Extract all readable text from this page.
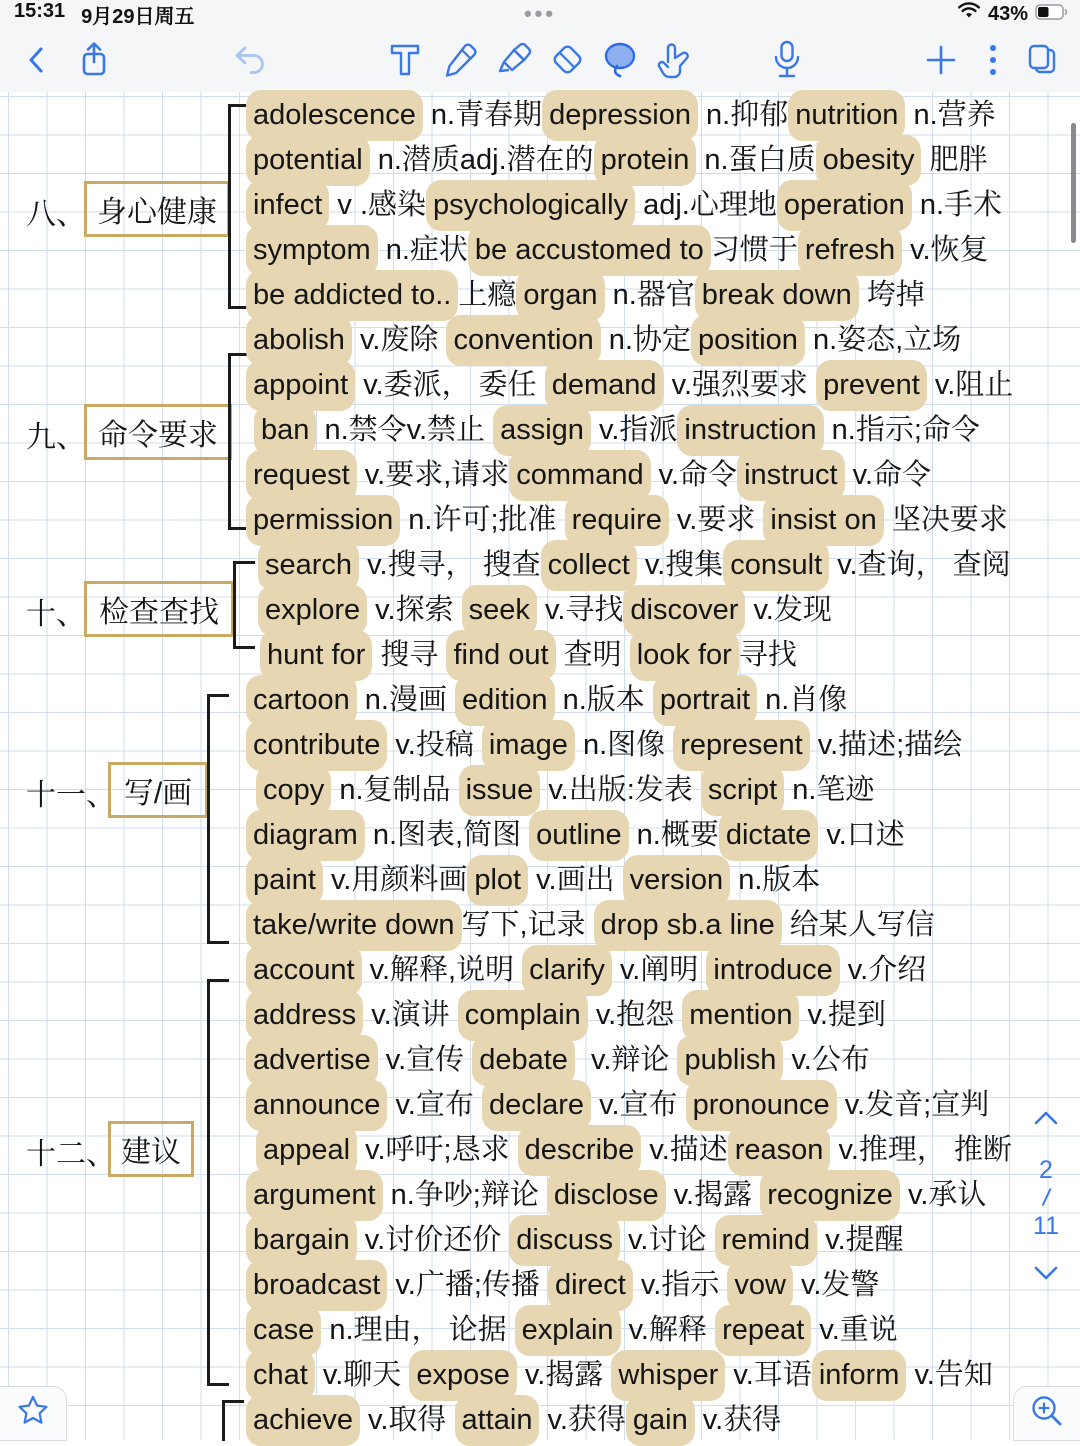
15:31 9月29日周五	•••	43%
八、 身心健康
adolescence n.青春期 depression n.抑郁 nutrition n.营养
potential n.潜质adj.潜在的 protein n.蛋白质 obesity 肥胖
infect v .感染 psychologically adj.心理地 operation n.手术
symptom n.症状 be accustomed to 习惯于 refresh v.恢复
be addicted to.. 上瘾 organ n.器官 break down 垮掉
九、 命令要求
abolish v.废除 convention n.协定 position n.姿态,立场
appoint v.委派， 委任 demand v.强烈要求 prevent v.阻止
ban n.禁令v.禁止 assign v.指派 instruction n.指示;命令
request v.要求,请求 command v.命令 instruct v.命令
permission n.许可;批准 require v.要求 insist on 坚决要求
十、 检查查找
search v.搜寻， 搜查 collect v.搜集 consult v.查询， 查阅
explore v.探索 seek v.寻找 discover v.发现
hunt for 搜寻 find out 查明 look for 寻找
十一、 写/画
cartoon n.漫画 edition n.版本 portrait n.肖像
contribute v.投稿 image n.图像 represent v.描述;描绘
copy n.复制品 issue v.出版:发表 script n.笔迹
diagram n.图表,简图 outline n.概要 dictate v.口述
paint v.用颜料画 plot v.画出 version n.版本
take/write down 写下,记录 drop sb.a line 给某人写信
十二、 建议
account v.解释,说明 clarify v.阐明 introduce v.介绍
address v.演讲 complain v.抱怨 mention v.提到
advertise v.宣传 debate v.辩论 publish v.公布
announce v.宣布 declare v.宣布 pronounce v.发音;宣判
appeal v.呼吁;恳求 describe v.描述 reason v.推理， 推断
argument n.争吵;辩论 disclose v.揭露 recognize v.承认
bargain v.讨价还价 discuss v.讨论 remind v.提醒
broadcast v.广播;传播 direct v.指示 vow v.发警
case n.理由， 论据 explain v.解释 repeat v.重说
chat v.聊天 expose v.揭露 whisper v.耳语 inform v.告知
achieve v.取得 attain v.获得 gain v.获得
2
/
11
